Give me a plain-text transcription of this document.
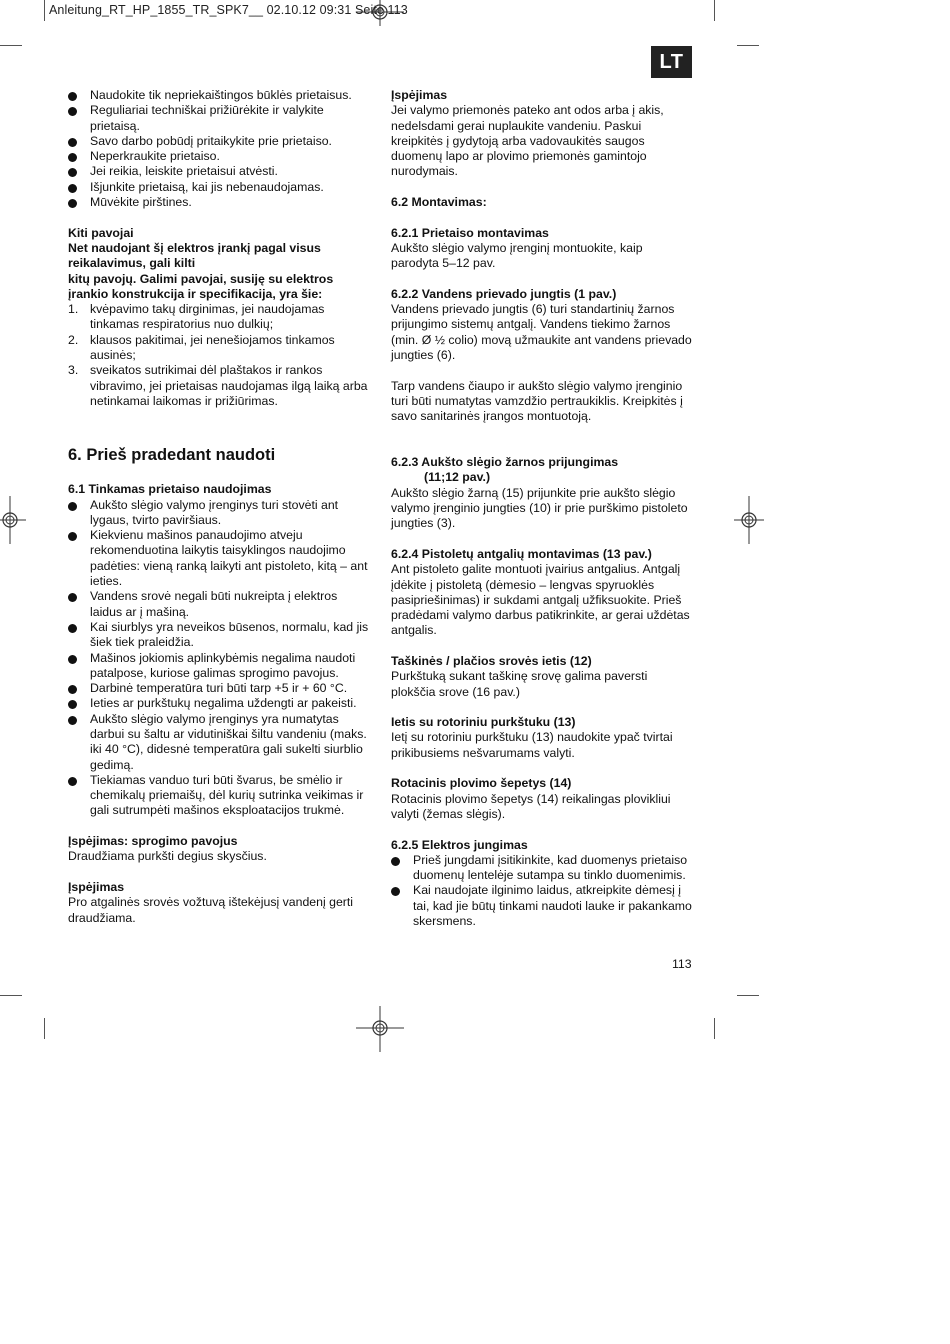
Anleitung_RT_HP_1855_TR_SPK7__ 02.10.12 09:31 Seite 113
LT
Naudokite tik nepriekaištingos būklės prietaisus.
Reguliariai techniškai prižiūrėkite ir valykite prietaisą.
Savo darbo pobūdį pritaikykite prie prietaiso.
Neperkraukite prietaiso.
Jei reikia, leiskite prietaisui atvėsti.
Išjunkite prietaisą, kai jis nebenaudojamas.
Mūvėkite pirštines.

Kiti pavojai

Net naudojant šį elektros įrankį pagal visus reikalavimus, gali kilti

kitų pavojų. Galimi pavojai, susiję su elektros įrankio konstrukcija ir specifikacija, yra šie:

1. kvėpavimo takų dirginimas, jei naudojamas tinkamas respiratorius nuo dulkių;
2. klausos pakitimai, jei nenešiojamos tinkamos ausinės;
3. sveikatos sutrikimai dėl plaštakos ir rankos vibravimo, jei prietaisas naudojamas ilgą laiką arba netinkamai laikomas ir prižiūrimas.
6. Prieš pradedant naudoti

6.1 Tinkamas prietaiso naudojimas

Aukšto slėgio valymo įrenginys turi stovėti ant lygaus, tvirto paviršiaus.
Kiekvienu mašinos panaudojimo atveju rekomenduotina laikytis taisyklingos naudojimo padėties: vieną ranką laikyti ant pistoleto, kitą – ant ieties.
Vandens srovė negali būti nukreipta į elektros laidus ar į mašiną.
Kai siurblys yra neveikos būsenos, normalu, kad jis šiek tiek praleidžia.
Mašinos jokiomis aplinkybėmis negalima naudoti patalpose, kuriose galimas sprogimo pavojus.
Darbinė temperatūra turi būti tarp +5 ir + 60 °C.
Ieties ar purkštukų negalima uždengti ar pakeisti.
Aukšto slėgio valymo įrenginys yra numatytas darbui su šaltu ar vidutiniškai šiltu vandeniu (maks. iki 40 °C), didesnė temperatūra gali sukelti siurblio gedimą.
Tiekiamas vanduo turi būti švarus, be smėlio ir chemikalų priemaišų, dėl kurių sutrinka veikimas ir gali sutrumpėti mašinos eksploatacijos trukmė.

Įspėjimas: sprogimo pavojus

Draudžiama purkšti degius skysčius.

Įspėjimas

Pro atgalinės srovės vožtuvą ištekėjusį vandenį gerti draudžiama.

Įspėjimas

Jei valymo priemonės pateko ant odos arba į akis, nedelsdami gerai nuplaukite vandeniu. Paskui kreipkitės į gydytoją arba vadovaukitės saugos duomenų lapo ar plovimo priemonės gamintojo nurodymais.

6.2 Montavimas:

6.2.1 Prietaiso montavimas

Aukšto slėgio valymo įrenginį montuokite, kaip parodyta 5–12 pav.

6.2.2 Vandens prievado jungtis (1 pav.)

Vandens prievado jungtis (6) turi standartinių žarnos prijungimo sistemų antgalį. Vandens tiekimo žarnos (min. Ø ½ colio) movą užmaukite ant vandens prievado jungties (6).

Tarp vandens čiaupo ir aukšto slėgio valymo įrenginio turi būti numatytas vamzdžio pertraukiklis. Kreipkitės į savo sanitarinės įrangos montuotoją.

6.2.3 Aukšto slėgio žarnos prijungimas

(11;12 pav.)

Aukšto slėgio žarną (15) prijunkite prie aukšto slėgio valymo įrenginio jungties (10) ir prie purškimo pistoleto jungties (3).

6.2.4 Pistoletų antgalių montavimas (13 pav.)

Ant pistoleto galite montuoti įvairius antgalius. Antgalį įdėkite į pistoletą (dėmesio – lengvas spyruoklės pasipriešinimas) ir sukdami antgalį užfiksuokite. Prieš pradėdami valymo darbus patikrinkite, ar gerai uždėtas antgalis.

Taškinės / plačios srovės ietis (12)

Purkštuką sukant taškinę srovę galima paversti plokščia srove (16 pav.)

Ietis su rotoriniu purkštuku (13)

Ietį su rotoriniu purkštuku (13) naudokite ypač tvirtai prikibusiems nešvarumams valyti.

Rotacinis plovimo šepetys (14)

Rotacinis plovimo šepetys (14) reikalingas plovikliui valyti (žemas slėgis).

6.2.5 Elektros jungimas

Prieš jungdami įsitikinkite, kad duomenys prietaiso duomenų lentelėje sutampa su tinklo duomenimis.
Kai naudojate ilginimo laidus, atkreipkite dėmesį į tai, kad jie būtų tinkami naudoti lauke ir pakankamo skersmens.
113
